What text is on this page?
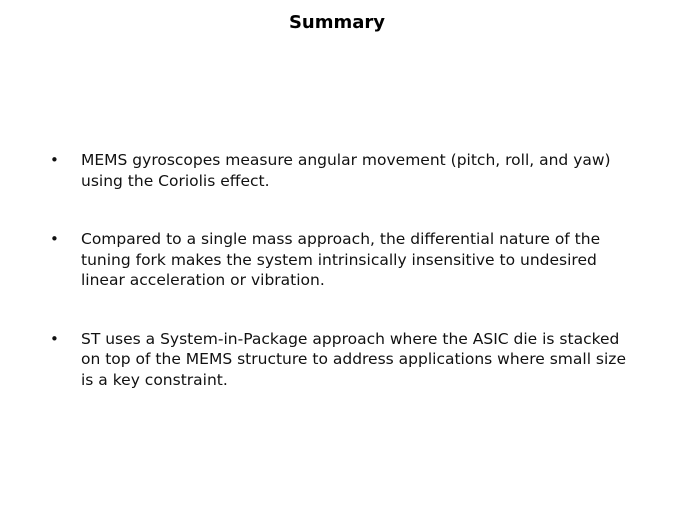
Summary
• MEMS gyroscopes measure angular movement (pitch, roll, and yaw) using the Coriolis effect.
• Compared to a single mass approach, the differential nature of the tuning fork makes the system intrinsically insensitive to undesired linear acceleration or vibration.
• ST uses a System-in-Package approach where the ASIC die is stacked on top of the MEMS structure to address applications where small size is a key constraint.
